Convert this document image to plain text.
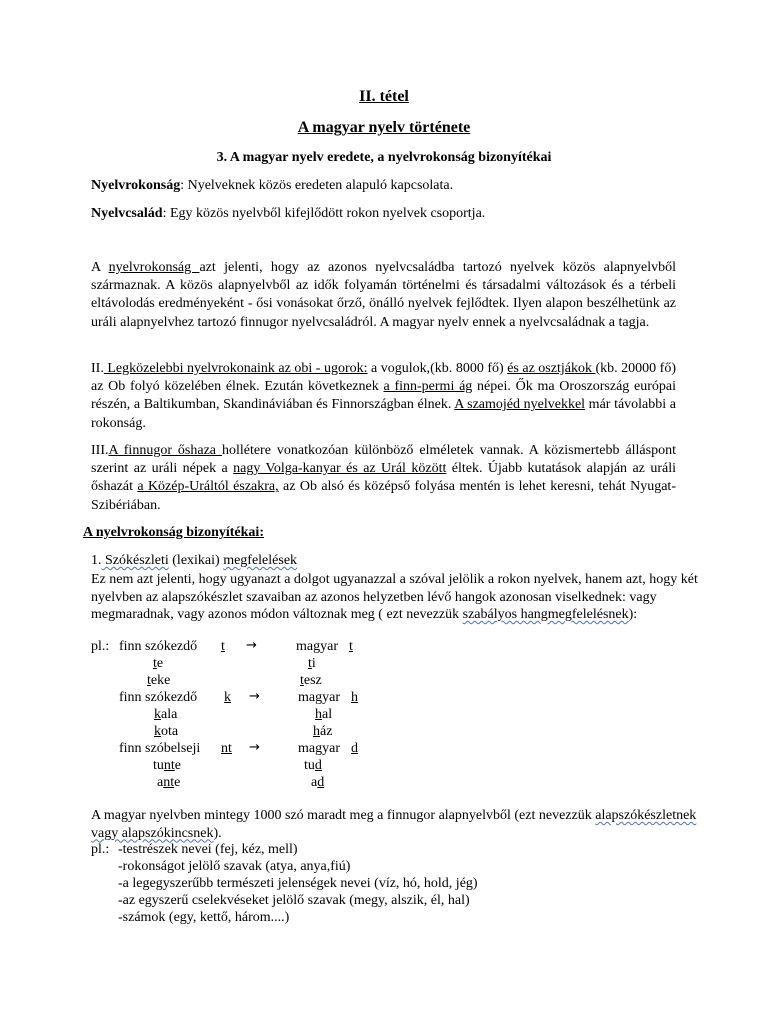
II. tétel
A magyar nyelv története
3. A magyar nyelv eredete, a nyelvrokonság bizonyítékai
Nyelvrokonság: Nyelveknek közös eredeten alapuló kapcsolata.
Nyelvcsalád: Egy közös nyelvből kifejlődött rokon nyelvek csoportja.
A nyelvrokonság azt jelenti, hogy az azonos nyelvcsaládba tartozó nyelvek közös alapnyelvből származnak. A közös alapnyelvből az idők folyamán történelmi és társadalmi változások és a térbeli eltávolodás eredményeként - ősi vonásokat őrző, önálló nyelvek fejlődtek. Ilyen alapon beszélhetünk az uráli alapnyelvhez tartozó finnugor nyelvcsaládról. A magyar nyelv ennek a nyelvcsaládnak a tagja.
II. Legközelebbi nyelvrokonaink az obi - ugorok: a vogulok,(kb. 8000 fő) és az osztjákok (kb. 20000 fő) az Ob folyó közelében élnek. Ezután következnek a finn-permi ág népei. Ők ma Oroszország európai részén, a Baltikumban, Skandináviában és Finnországban élnek. A szamojéd nyelvekkel már távolabbi a rokonság.
III.A finnugor őshaza hollétere vonatkozóan különböző elméletek vannak. A közismertebb álláspont szerint az uráli népek a nagy Volga-kanyar és az Urál között éltek. Újabb kutatások alapján az uráli őshazát a Közép-Uráltól északra, az Ob alsó és középső folyása mentén is lehet keresni, tehát Nyugat-Szibériában.
A nyelvrokonság bizonyítékai:
1. Szókészleti (lexikai) megfelelések
Ez nem azt jelenti, hogy ugyanazt a dolgot ugyanazzal a szóval jelölik a rokon nyelvek, hanem azt, hogy két nyelvben az alapszókészlet szavaiban az azonos helyzetben lévő hangok azonosan viselkednek: vagy megmaradnak, vagy azonos módon változnak meg ( ezt nevezzük szabályos hangmegfelelésnek):
pl.: finn szókezdő t →	magyar t
te	ti
teke	tesz
finn szókezdő k →	magyar h
kala	hal
kota	ház
finn szóbelseji nt →	magyar d
tunte	tud
ante	ad
A magyar nyelvben mintegy 1000 szó maradt meg a finnugor alapnyelvből (ezt nevezzük alapszókészletnek vagy alapszókincsnek).
pl.: -testrészek nevei (fej, kéz, mell)
-rokonságot jelölő szavak (atya, anya,fiú)
-a legegyszerűbb természeti jelenségek nevei (víz, hó, hold, jég)
-az egyszerű cselekvéseket jelölő szavak (megy, alszik, él, hal)
-számok (egy, kettő, három....)
